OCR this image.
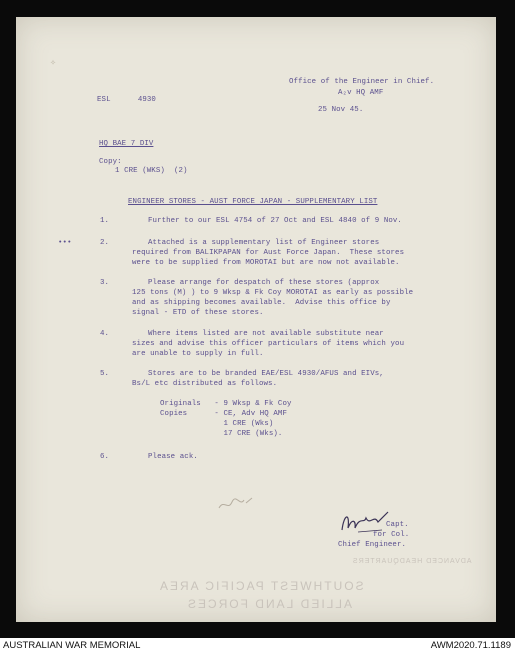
✧
Office of the Engineer in Chief.
A₂v HQ AMF
ESL      4930
25 Nov 45.
HQ BAE 7 DIV
Copy:
1 CRE (WKS)  (2)
ENGINEER STORES - AUST FORCE JAPAN - SUPPLEMENTARY LIST
1.	Further to our ESL 4754 of 27 Oct and ESL 4840 of 9 Nov.
•••	2.	Attached is a supplementary list of Engineer stores
required from BALIKPAPAN for Aust Force Japan.  These stores
were to be supplied from MOROTAI but are now not available.
3.	Please arrange for despatch of these stores (approx
125 tons (M) ) to 9 Wksp & Fk Coy MOROTAI as early as possible
and as shipping becomes available.  Advise this office by
signal - ETD of these stores.
4.	Where items listed are not available substitute near
sizes and advise this officer particulars of items which you
are unable to supply in full.
5.	Stores are to be branded EAE/ESL 4930/AFUS and EIVs,
Bs/L etc distributed as follows.
Originals   - 9 Wksp & Fk Coy
Copies      - CE, Adv HQ AMF
1 CRE (Wks)
17 CRE (Wks).
6.	Please ack.
Capt.
for Col.
Chief Engineer.
ADVANCED HEADQUARTERS
SOUTHWEST PACIFIC AREA
ALLIED LAND FORCES
AUSTRALIAN WAR MEMORIAL	AWM2020.71.1189
